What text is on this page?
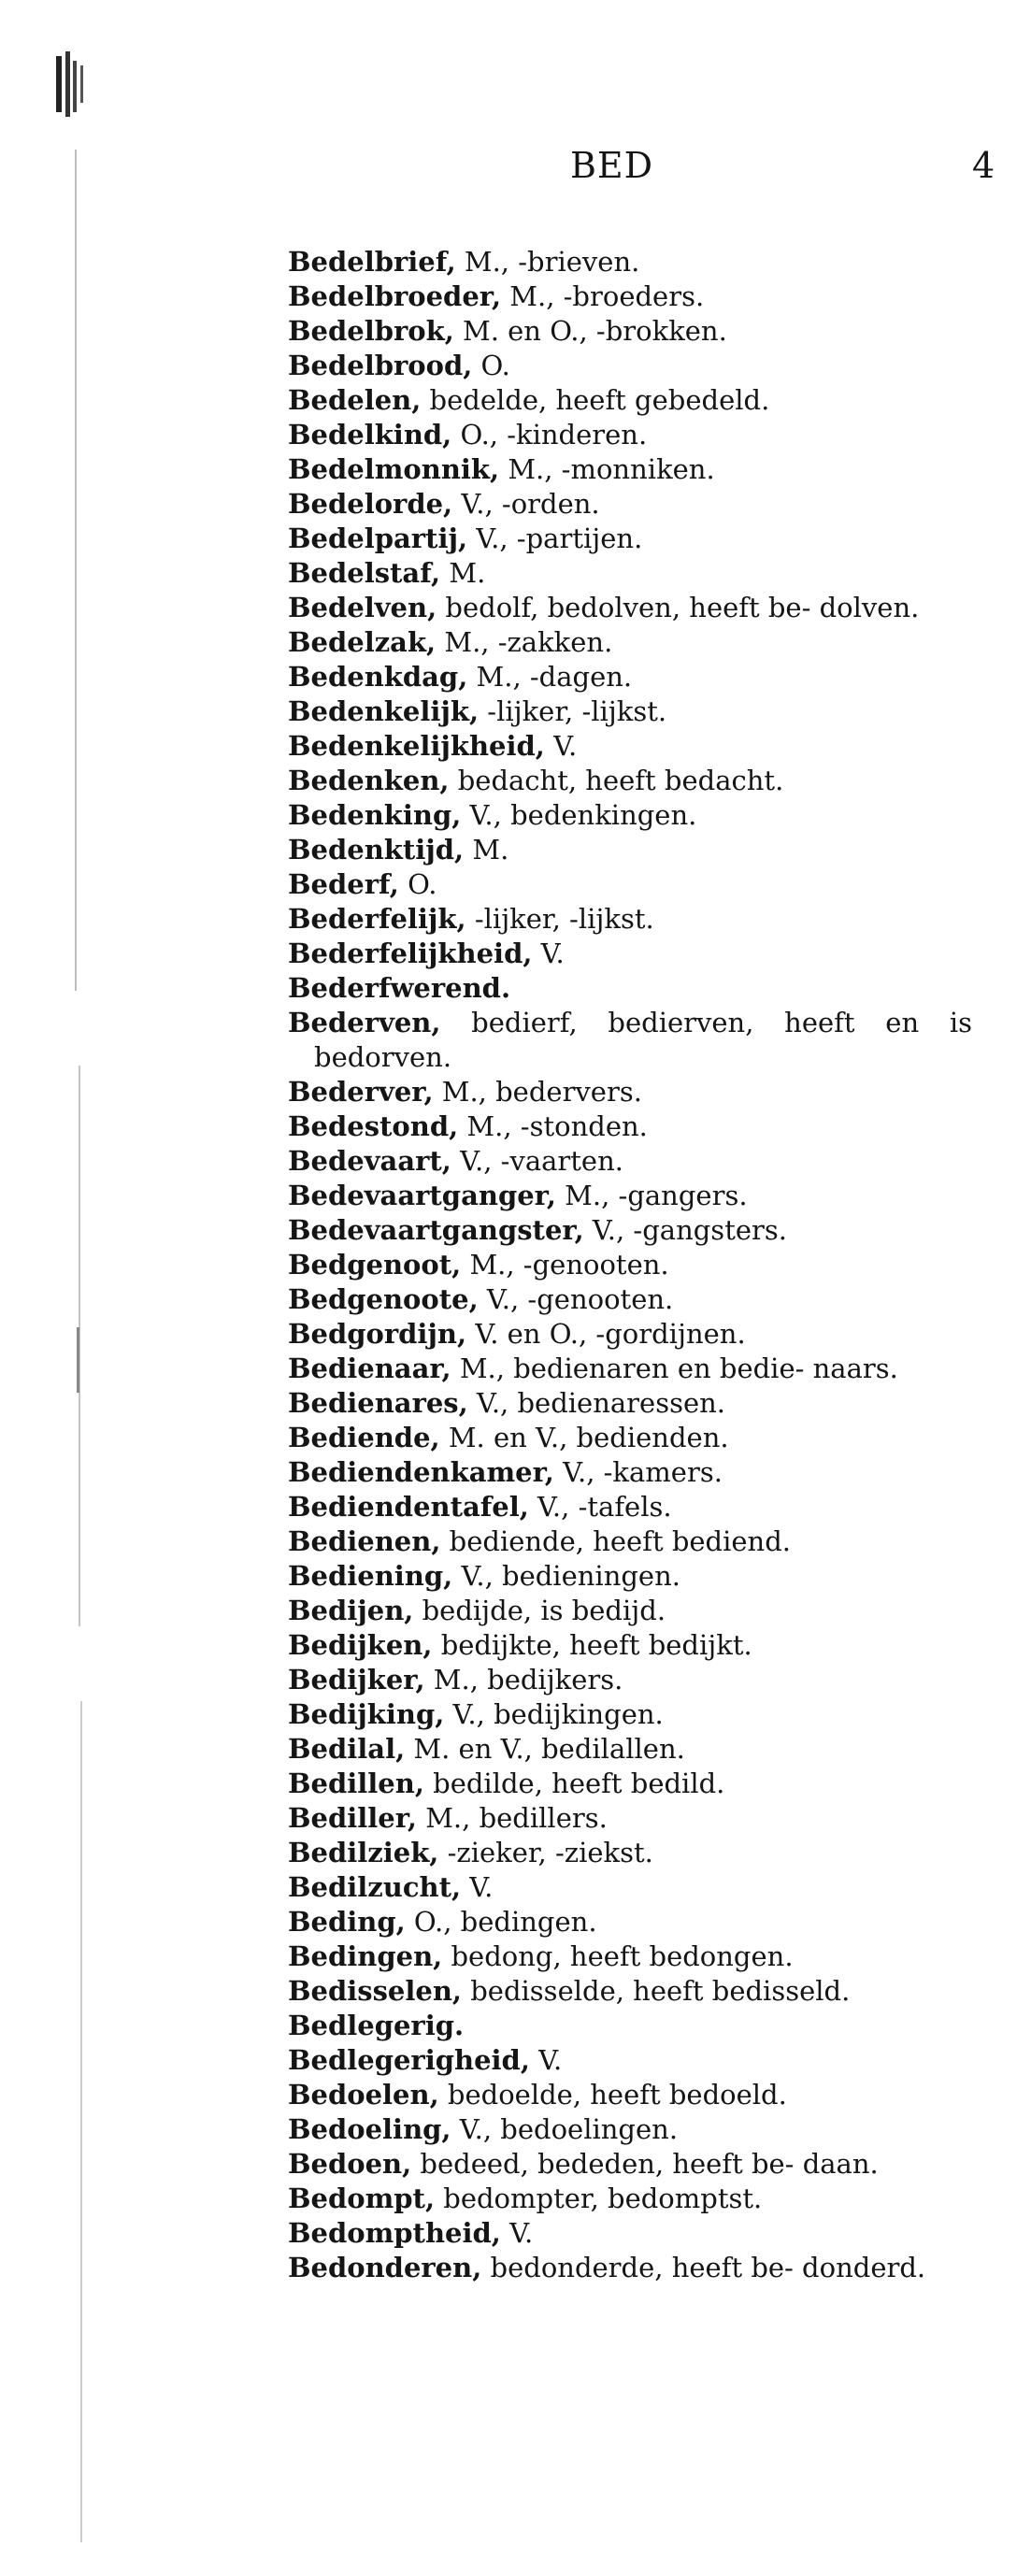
BED	4
Bedelbrief, M., -brieven.
Bedelbroeder, M., -broeders.
Bedelbrok, M. en O., -brokken.
Bedelbrood, O.
Bedelen, bedelde, heeft gebedeld.
Bedelkind, O., -kinderen.
Bedelmonnik, M., -monniken.
Bedelorde, V., -orden.
Bedelpartij, V., -partijen.
Bedelstaf, M.
Bedelven, bedolf, bedolven, heeft be- dolven.
Bedelzak, M., -zakken.
Bedenkdag, M., -dagen.
Bedenkelijk, -lijker, -lijkst.
Bedenkelijkheid, V.
Bedenken, bedacht, heeft bedacht.
Bedenking, V., bedenkingen.
Bedenktijd, M.
Bederf, O.
Bederfelijk, -lijker, -lijkst.
Bederfelijkheid, V.
Bederfwerend.
Bederven, bedierf, bedierven, heeft en is bedorven.
Bederver, M., bedervers.
Bedestond, M., -stonden.
Bedevaart, V., -vaarten.
Bedevaartganger, M., -gangers.
Bedevaartgangster, V., -gangsters.
Bedgenoot, M., -genooten.
Bedgenoote, V., -genooten.
Bedgordijn, V. en O., -gordijnen.
Bedienaar, M., bedienaren en bedie- naars.
Bedienares, V., bedienaressen.
Bediende, M. en V., bedienden.
Bediendenkamer, V., -kamers.
Bediendentafel, V., -tafels.
Bedienen, bediende, heeft bediend.
Bediening, V., bedieningen.
Bedijen, bedijde, is bedijd.
Bedijken, bedijkte, heeft bedijkt.
Bedijker, M., bedijkers.
Bedijking, V., bedijkingen.
Bedilal, M. en V., bedilallen.
Bedillen, bedilde, heeft bedild.
Bediller, M., bedillers.
Bedilziek, -zieker, -ziekst.
Bedilzucht, V.
Beding, O., bedingen.
Bedingen, bedong, heeft bedongen.
Bedisselen, bedisselde, heeft bedisseld.
Bedlegerig.
Bedlegerigheid, V.
Bedoelen, bedoelde, heeft bedoeld.
Bedoeling, V., bedoelingen.
Bedoen, bedeed, bededen, heeft be- daan.
Bedompt, bedompter, bedomptst.
Bedomptheid, V.
Bedonderen, bedonderde, heeft be- donderd.
